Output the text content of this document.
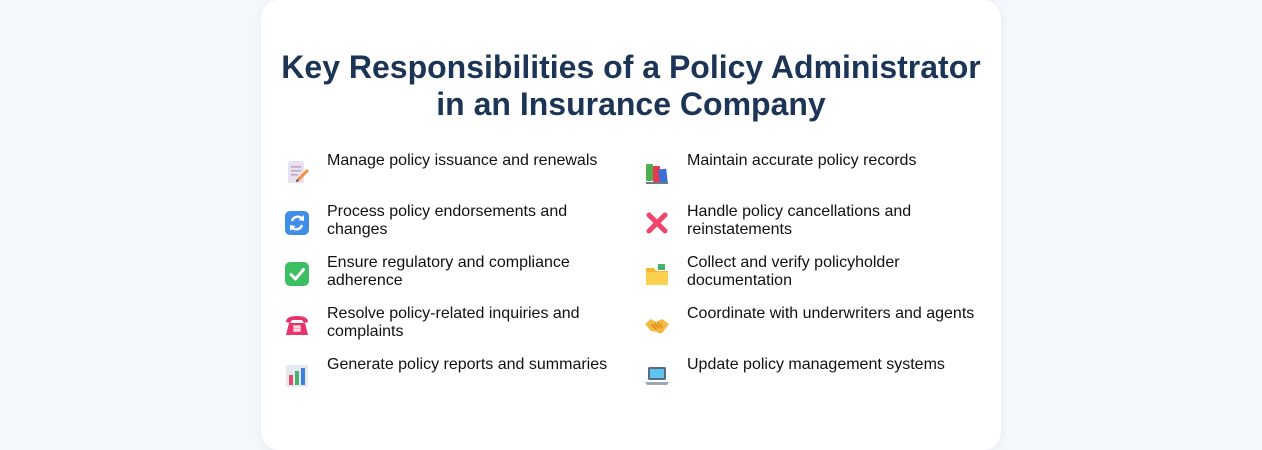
Key Responsibilities of a Policy Administrator
in an Insurance Company
Manage policy issuance and renewals	Maintain accurate policy records
Process policy endorsements and changes
Handle policy cancellations and reinstatements
Ensure regulatory and compliance adherence
Collect and verify policyholder documentation
Resolve policy-related inquiries and complaints
Coordinate with underwriters and agents
Generate policy reports and summaries	Update policy management systems
